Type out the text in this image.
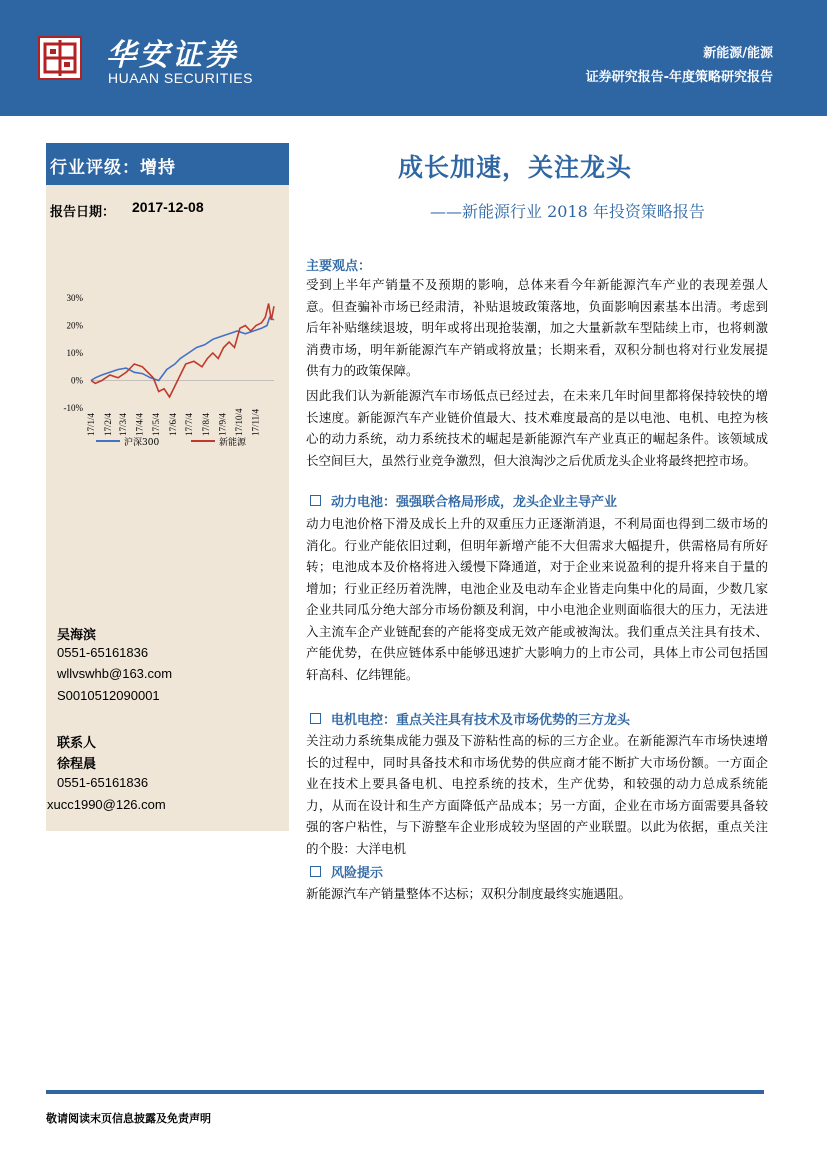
华安证券
HUAAN SECURITIES
新能源/能源
证券研究报告-年度策略研究报告
行业评级：增持
报告日期： 2017-12-08
30%
20%
10%
0%
-10%
17/1/4 17/2/4 17/3/4 17/4/4 17/5/4 17/6/4 17/7/4 17/8/4 17/9/4 17/10/4 17/11/4
沪深300	新能源
吴海滨
0551-65161836
wllvswhb@163.com
S0010512090001
联系人
徐程晨
0551-65161836
xucc1990@126.com
成长加速，关注龙头
——新能源行业 2018 年投资策略报告
主要观点：
受到上半年产销量不及预期的影响，总体来看今年新能源汽车产业的表现差强人意。但查骗补市场已经肃清，补贴退坡政策落地，负面影响因素基本出清。考虑到后年补贴继续退坡，明年或将出现抢装潮，加之大量新款车型陆续上市，也将刺激消费市场，明年新能源汽车产销或将放量；长期来看，双积分制也将对行业发展提供有力的政策保障。
因此我们认为新能源汽车市场低点已经过去，在未来几年时间里都将保持较快的增长速度。新能源汽车产业链价值最大、技术难度最高的是以电池、电机、电控为核心的动力系统，动力系统技术的崛起是新能源汽车产业真正的崛起条件。该领域成长空间巨大，虽然行业竞争激烈，但大浪淘沙之后优质龙头企业将最终把控市场。
动力电池：强强联合格局形成，龙头企业主导产业
动力电池价格下滑及成长上升的双重压力正逐渐消退，不利局面也得到二级市场的消化。行业产能依旧过剩，但明年新增产能不大但需求大幅提升，供需格局有所好转；电池成本及价格将进入缓慢下降通道，对于企业来说盈利的提升将来自于量的增加；行业正经历着洗牌，电池企业及电动车企业皆走向集中化的局面，少数几家企业共同瓜分绝大部分市场份额及利润，中小电池企业则面临很大的压力，无法进入主流车企产业链配套的产能将变成无效产能或被淘汰。我们重点关注具有技术、产能优势，在供应链体系中能够迅速扩大影响力的上市公司，具体上市公司包括国轩高科、亿纬锂能。
电机电控：重点关注具有技术及市场优势的三方龙头
关注动力系统集成能力强及下游粘性高的标的三方企业。在新能源汽车市场快速增长的过程中，同时具备技术和市场优势的供应商才能不断扩大市场份额。一方面企业在技术上要具备电机、电控系统的技术，生产优势，和较强的动力总成系统能力，从而在设计和生产方面降低产品成本；另一方面，企业在市场方面需要具备较强的客户粘性，与下游整车企业形成较为坚固的产业联盟。以此为依据，重点关注的个股：大洋电机
风险提示
新能源汽车产销量整体不达标；双积分制度最终实施遇阻。
敬请阅读末页信息披露及免责声明
